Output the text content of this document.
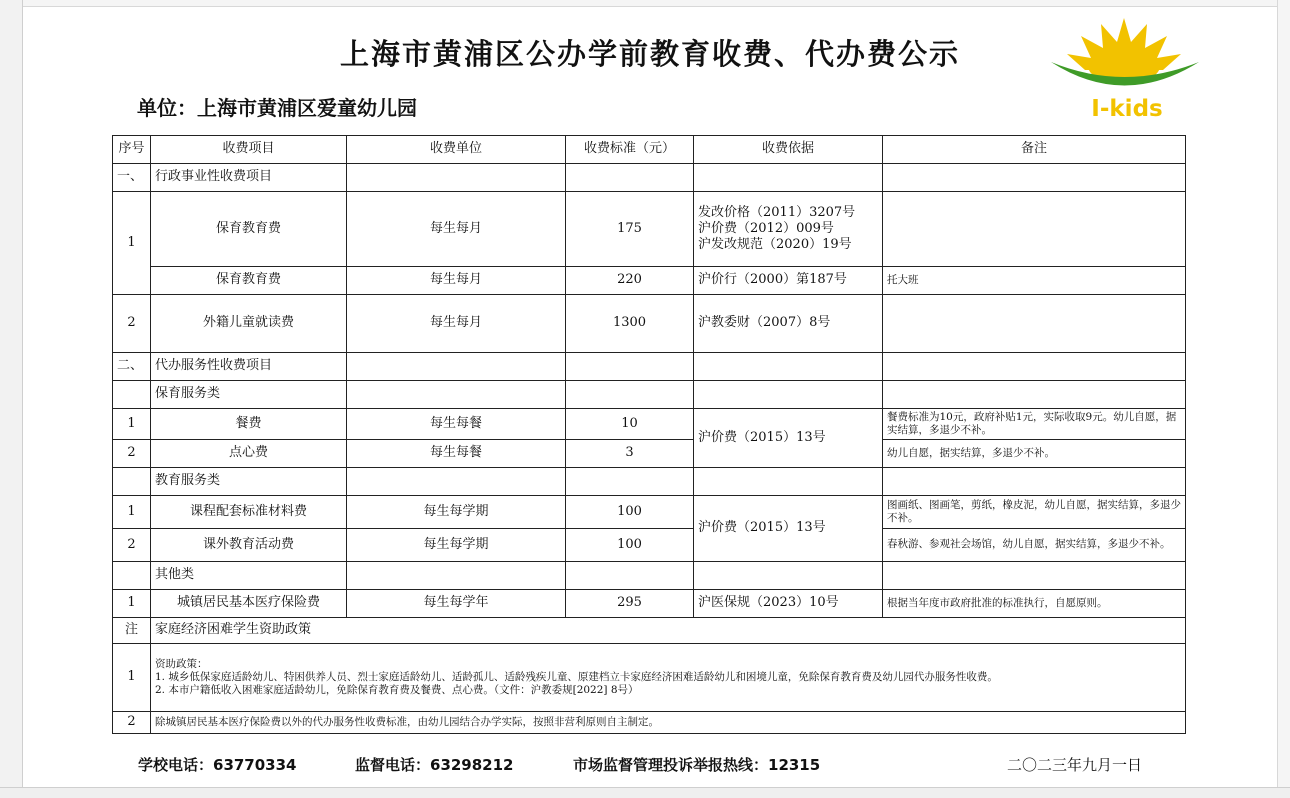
上海市黄浦区公办学前教育收费、代办费公示
单位：上海市黄浦区爱童幼儿园	I-kids
序号	收费项目	收费单位	收费标准（元）	收费依据	备注
一、	行政事业性收费项目				
1	保育教育费	每生每月	175	发改价格（2011）3207号
沪价费（2012）009号
沪发改规范（2020）19号	

	保育教育费	每生每月	220	沪价行（2000）第187号	托大班
2	外籍儿童就读费	每生每月	1300	沪教委财（2007）8号	
二、	代办服务性收费项目				
	保育服务类				
1	餐费	每生每餐	10	沪价费（2015）13号	餐费标准为10元，政府补贴1元，实际收取9元。幼儿自愿，据实结算，多退少不补。
2	点心费	每生每餐	3		幼儿自愿，据实结算，多退少不补。
	教育服务类				
1	课程配套标准材料费	每生每学期	100	沪价费（2015）13号	图画纸、图画笔，剪纸，橡皮泥，幼儿自愿，据实结算，多退少不补。
2	课外教育活动费	每生每学期	100		春秋游、参观社会场馆，幼儿自愿，据实结算，多退少不补。
	其他类				
1	城镇居民基本医疗保险费	每生每学年	295	沪医保规（2023）10号	根据当年度市政府批准的标准执行，自愿原则。
注	家庭经济困难学生资助政策				
1	资助政策：
1. 城乡低保家庭适龄幼儿、特困供养人员、烈士家庭适龄幼儿、适龄孤儿、适龄残疾儿童、原建档立卡家庭经济困难适龄幼儿和困境儿童，免除保育教育费及幼儿园代办服务性收费。
2. 本市户籍低收入困难家庭适龄幼儿，免除保育教育费及餐费、点心费。（文件：沪教委规[2022] 8号）				

2	除城镇居民基本医疗保险费以外的代办服务性收费标准，由幼儿园结合办学实际，按照非营利原则自主制定。				
学校电话：63770334	监督电话：63298212	市场监督管理投诉举报热线：12315	二〇二三年九月一日
